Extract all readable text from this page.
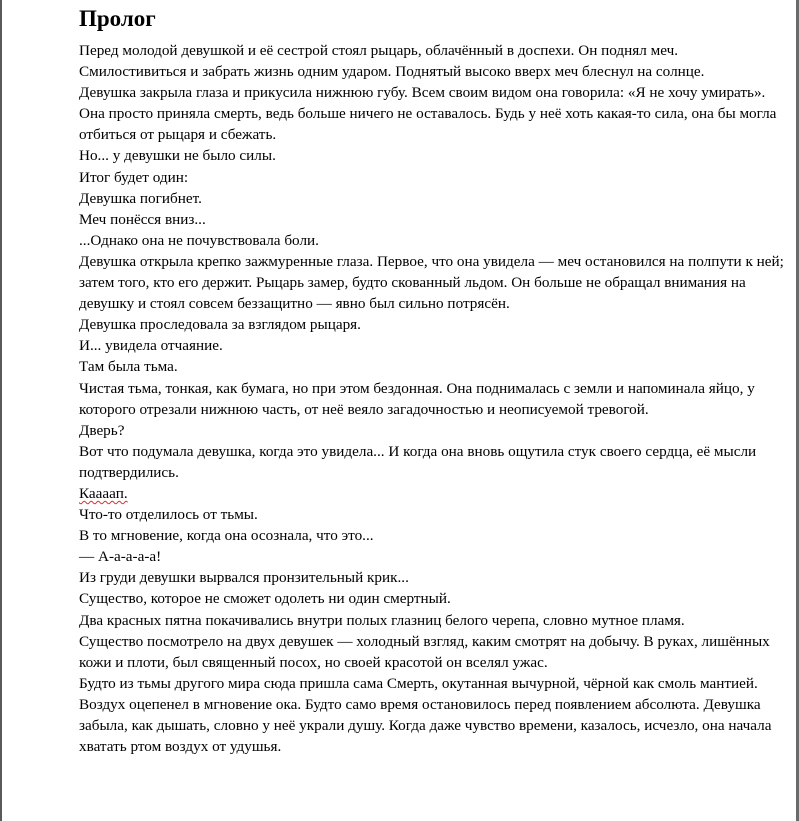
Пролог

Перед молодой девушкой и её сестрой стоял рыцарь, облачённый в доспехи. Он поднял меч. Смилостивиться и забрать жизнь одним ударом. Поднятый высоко вверх меч блеснул на солнце.

Девушка закрыла глаза и прикусила нижнюю губу. Всем своим видом она говорила: «Я не хочу умирать». Она просто приняла смерть, ведь больше ничего не оставалось. Будь у неё хоть какая-то сила, она бы могла отбиться от рыцаря и сбежать.

Но... у девушки не было силы.

Итог будет один:

Девушка погибнет.

Меч понёсся вниз...

...Однако она не почувствовала боли.

Девушка открыла крепко зажмуренные глаза. Первое, что она увидела — меч остановился на полпути к ней; затем того, кто его держит. Рыцарь замер, будто скованный льдом. Он больше не обращал внимания на девушку и стоял совсем беззащитно — явно был сильно потрясён.

Девушка проследовала за взглядом рыцаря.

И... увидела отчаяние.

Там была тьма.

Чистая тьма, тонкая, как бумага, но при этом бездонная. Она поднималась с земли и напоминала яйцо, у которого отрезали нижнюю часть, от неё веяло загадочностью и неописуемой тревогой.

Дверь?

Вот что подумала девушка, когда это увидела... И когда она вновь ощутила стук своего сердца, её мысли подтвердились.

Каааап.

Что-то отделилось от тьмы.

В то мгновение, когда она осознала, что это...

— А-а-а-а-а!

Из груди девушки вырвался пронзительный крик...

Существо, которое не сможет одолеть ни один смертный.

Два красных пятна покачивались внутри полых глазниц белого черепа, словно мутное пламя.

Существо посмотрело на двух девушек — холодный взгляд, каким смотрят на добычу. В руках, лишённых кожи и плоти, был священный посох, но своей красотой он вселял ужас.

Будто из тьмы другого мира сюда пришла сама Смерть, окутанная вычурной, чёрной как смоль мантией.

Воздух оцепенел в мгновение ока. Будто само время остановилось перед появлением абсолюта. Девушка забыла, как дышать, словно у неё украли душу. Когда даже чувство времени, казалось, исчезло, она начала хватать ртом воздух от удушья.
